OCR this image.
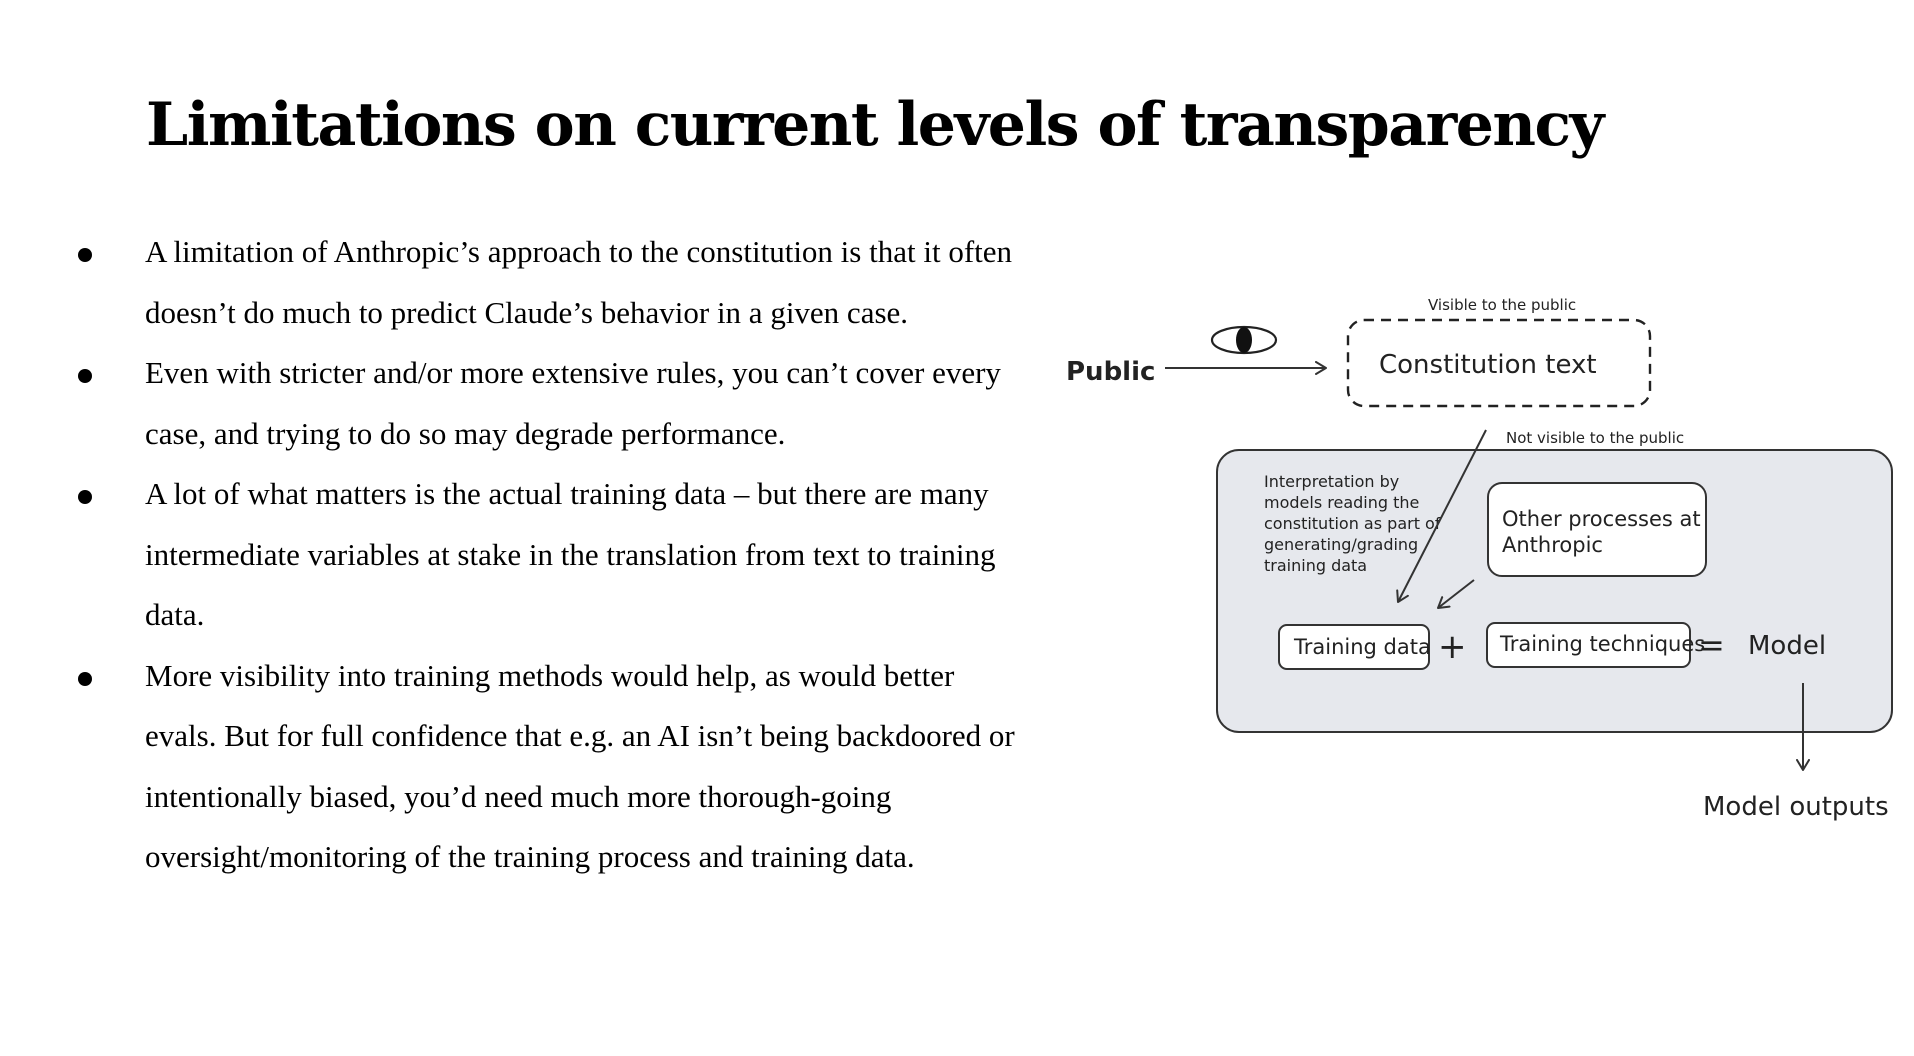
Limitations on current levels of transparency
A limitation of Anthropic’s approach to the constitution is that it often doesn’t do much to predict Claude’s behavior in a given case.
Even with stricter and/or more extensive rules, you can’t cover every case, and trying to do so may degrade performance.
A lot of what matters is the actual training data – but there are many intermediate variables at stake in the translation from text to training data.
More visibility into training methods would help, as would better evals. But for full confidence that e.g. an AI isn’t being backdoored or intentionally biased, you’d need much more thorough-going oversight/monitoring of the training process and training data.
Public
Visible to the public
Constitution text
Not visible to the public
Interpretation by models reading the constitution as part of generating/grading training data
Other processes at Anthropic
Training data + Training techniques
= Model
Model outputs
